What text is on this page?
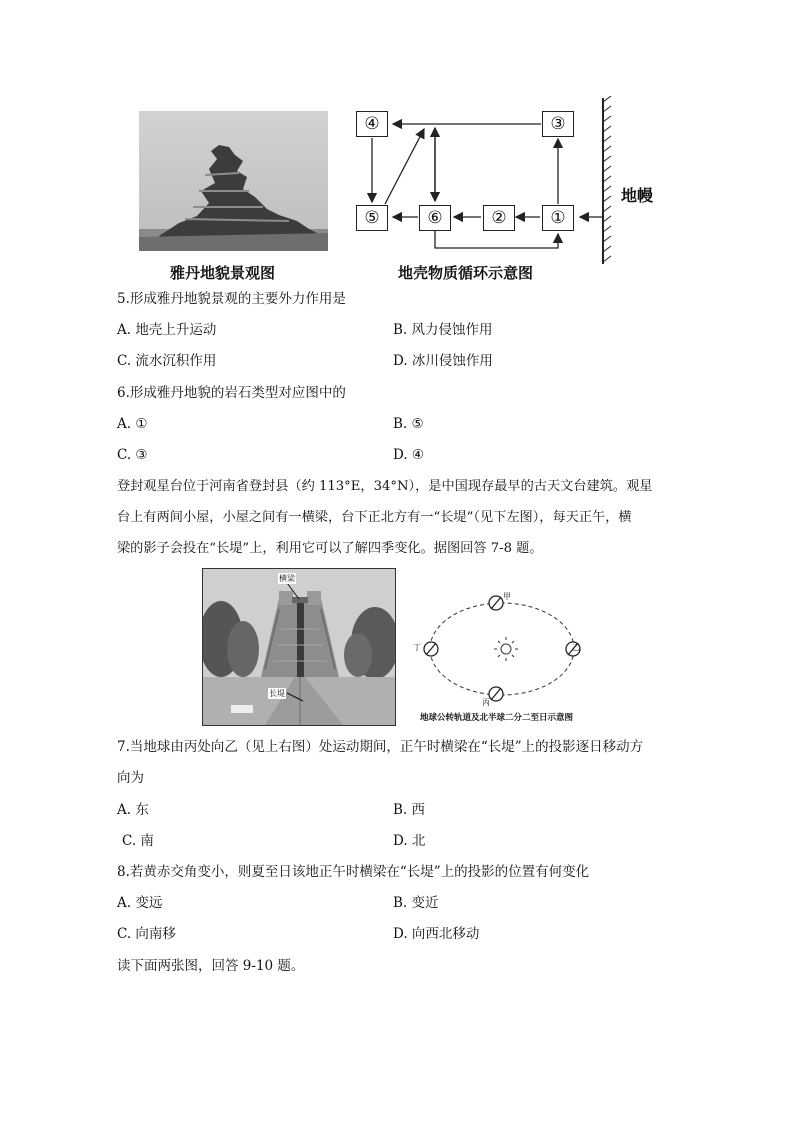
雅丹地貌景观图
④	③
⑤	⑥	②	①
地幔
地壳物质循环示意图
5.形成雅丹地貌景观的主要外力作用是
A. 地壳上升运动	B. 风力侵蚀作用
C. 流水沉积作用	D. 冰川侵蚀作用
6.形成雅丹地貌的岩石类型对应图中的
A. ①	B. ⑤
C. ③	D. ④
登封观星台位于河南省登封县（约 113°E，34°N），是中国现存最早的古天文台建筑。观星
台上有两间小屋，小屋之间有一横梁，台下正北方有一“长堤”（见下左图），每天正午，横
梁的影子会投在“长堤”上，利用它可以了解四季变化。据图回答 7-8 题。
横梁
长堤
甲
乙
丙
丁
地球公转轨道及北半球二分二至日示意图
7.当地球由丙处向乙（见上右图）处运动期间，正午时横梁在“长堤”上的投影逐日移动方
向为
A. 东	B. 西
C. 南	D. 北
8.若黄赤交角变小，则夏至日该地正午时横梁在“长堤”上的投影的位置有何变化
A. 变远	B. 变近
C. 向南移	D. 向西北移动
读下面两张图，回答 9-10 题。
